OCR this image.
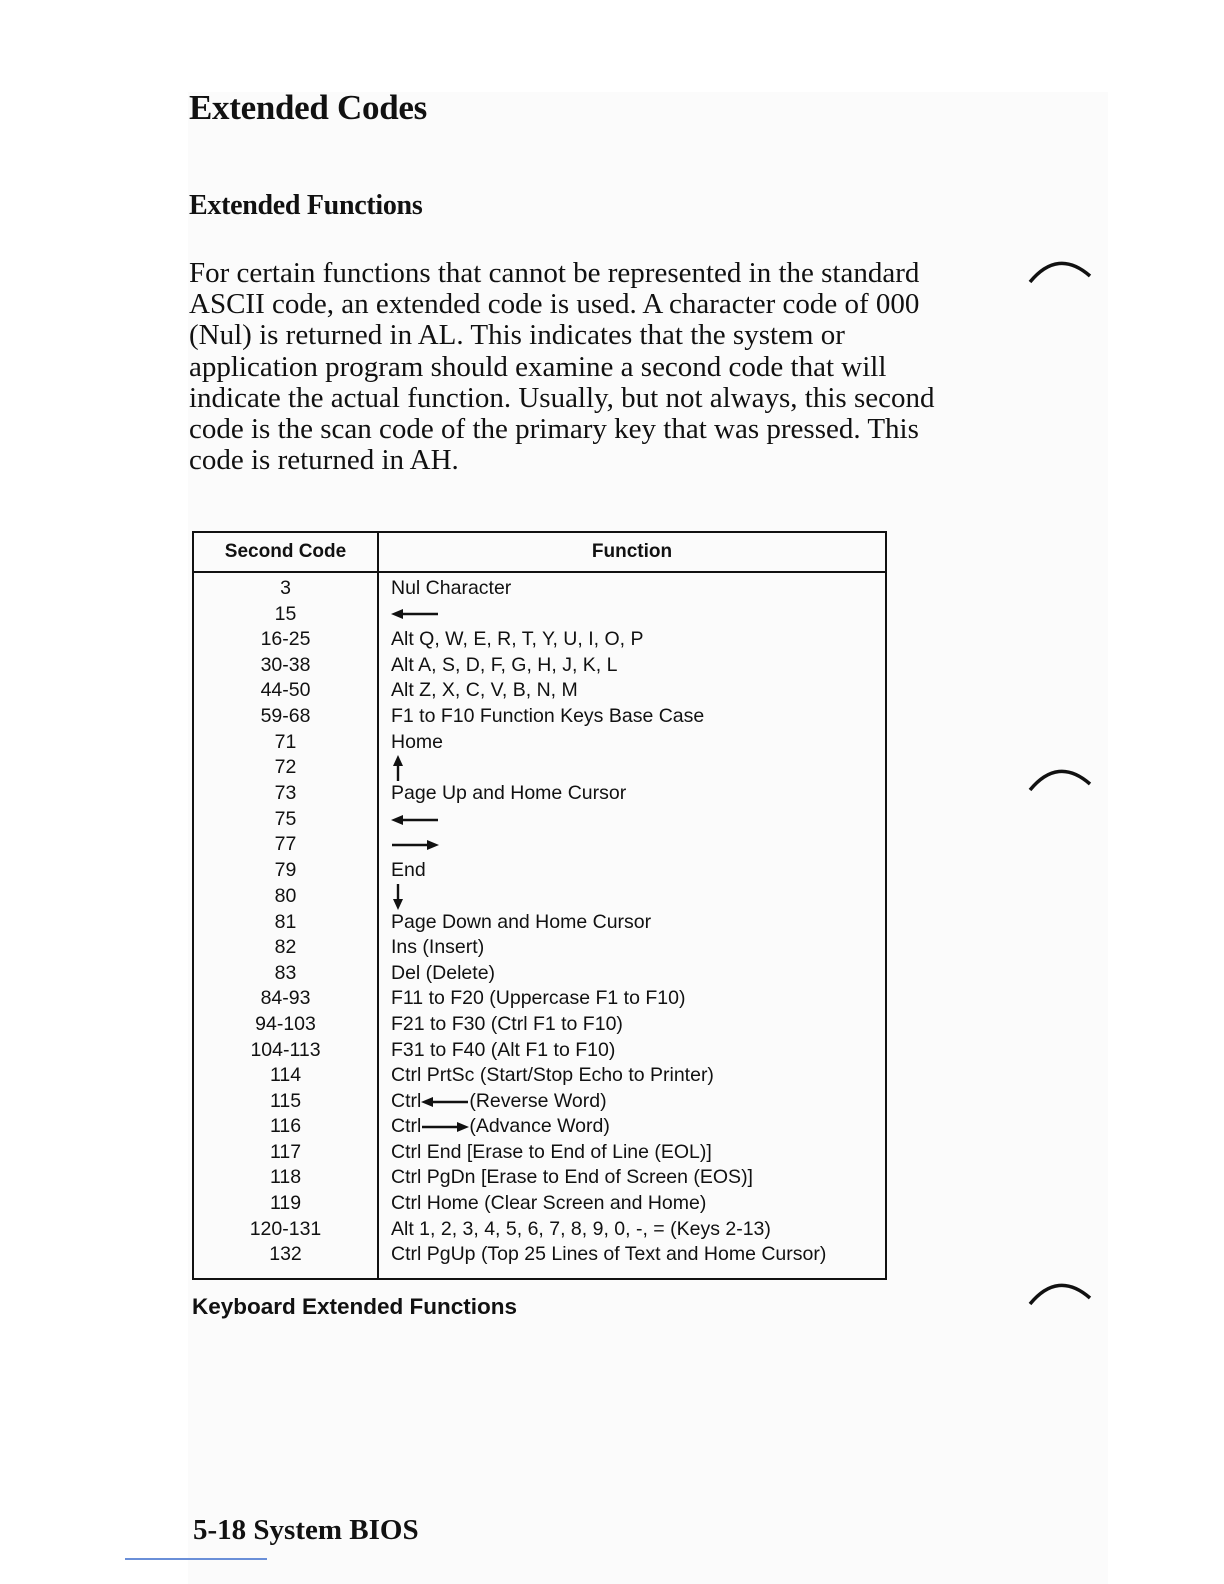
Extended Codes
Extended Functions

For certain functions that cannot be represented in the standard
ASCII code, an extended code is used. A character code of 000
(Nul) is returned in AL. This indicates that the system or
application program should examine a second code that will
indicate the actual function. Usually, but not always, this second
code is the scan code of the primary key that was pressed. This
code is returned in AH.

Second Code	Function
3	Nul Character
15	
16-25	Alt Q, W, E, R, T, Y, U, I, O, P
30-38	Alt A, S, D, F, G, H, J, K, L
44-50	Alt Z, X, C, V, B, N, M
59-68	F1 to F10 Function Keys Base Case
71	Home
72	
73	Page Up and Home Cursor
75	
77	
79	End
80	
81	Page Down and Home Cursor
82	Ins (Insert)
83	Del (Delete)
84-93	F11 to F20 (Uppercase F1 to F10)
94-103	F21 to F30 (Ctrl F1 to F10)
104-113	F31 to F40 (Alt F1 to F10)
114	Ctrl PrtSc (Start/Stop Echo to Printer)
115	Ctrl (Reverse Word)
116	Ctrl (Advance Word)
117	Ctrl End [Erase to End of Line (EOL)]
118	Ctrl PgDn [Erase to End of Screen (EOS)]
119	Ctrl Home (Clear Screen and Home)
120-131	Alt 1, 2, 3, 4, 5, 6, 7, 8, 9, 0, -, = (Keys 2-13)
132	Ctrl PgUp (Top 25 Lines of Text and Home Cursor)

Keyboard Extended Functions

5-18 System BIOS
